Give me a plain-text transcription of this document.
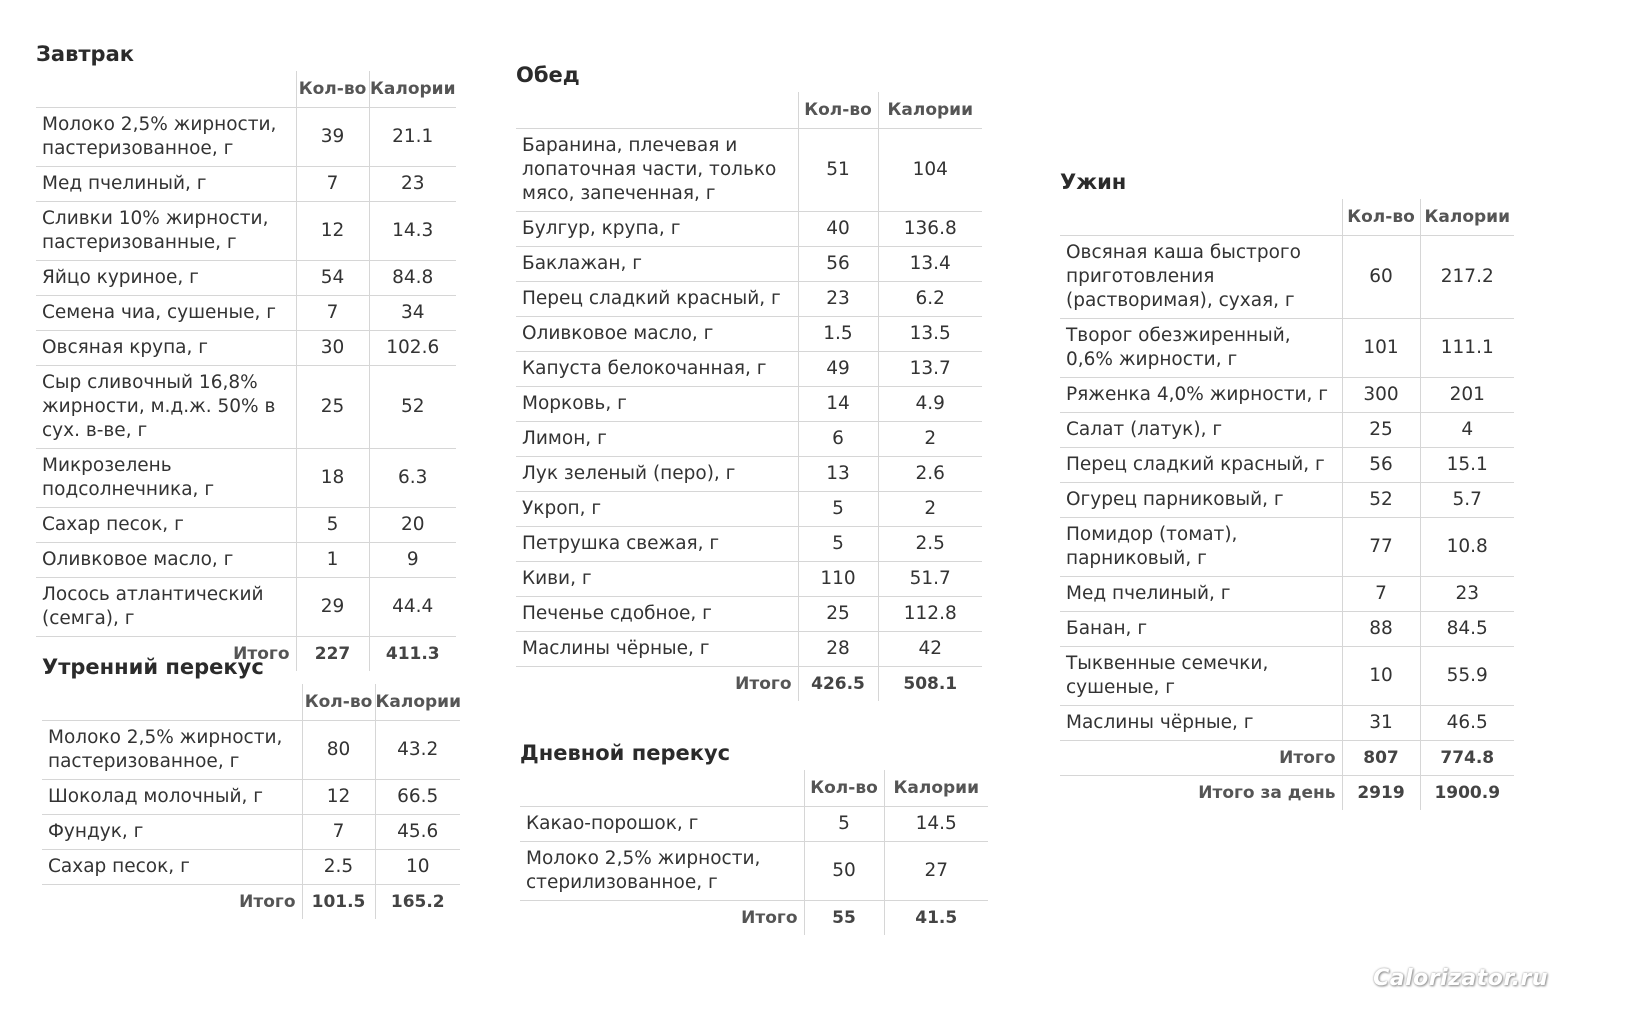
Завтрак
	Кол-во	Калории
Молоко 2,5% жирности, пастеризованное, г	39	21.1
Мед пчелиный, г	7	23
Сливки 10% жирности, пастеризованные, г	12	14.3
Яйцо куриное, г	54	84.8
Семена чиа, сушеные, г	7	34
Овсяная крупа, г	30	102.6
Сыр сливочный 16,8% жирности, м.д.ж. 50% в сух. в-ве, г	25	52
Микрозелень подсолнечника, г	18	6.3
Сахар песок, г	5	20
Оливковое масло, г	1	9
Лосось атлантический (семга), г	29	44.4
Итого	227	411.3
Утренний перекус
	Кол-во	Калории
Молоко 2,5% жирности, пастеризованное, г	80	43.2
Шоколад молочный, г	12	66.5
Фундук, г	7	45.6
Сахар песок, г	2.5	10
Итого	101.5	165.2
Обед
	Кол-во	Калории
Баранина, плечевая и лопаточная части, только мясо, запеченная, г	51	104
Булгур, крупа, г	40	136.8
Баклажан, г	56	13.4
Перец сладкий красный, г	23	6.2
Оливковое масло, г	1.5	13.5
Капуста белокочанная, г	49	13.7
Морковь, г	14	4.9
Лимон, г	6	2
Лук зеленый (перо), г	13	2.6
Укроп, г	5	2
Петрушка свежая, г	5	2.5
Киви, г	110	51.7
Печенье сдобное, г	25	112.8
Маслины чёрные, г	28	42
Итого	426.5	508.1
Дневной перекус
	Кол-во	Калории
Какао-порошок, г	5	14.5
Молоко 2,5% жирности, стерилизованное, г	50	27
Итого	55	41.5
Ужин
	Кол-во	Калории
Овсяная каша быстрого приготовления (растворимая), сухая, г	60	217.2
Творог обезжиренный, 0,6% жирности, г	101	111.1
Ряженка 4,0% жирности, г	300	201
Салат (латук), г	25	4
Перец сладкий красный, г	56	15.1
Огурец парниковый, г	52	5.7
Помидор (томат), парниковый, г	77	10.8
Мед пчелиный, г	7	23
Банан, г	88	84.5
Тыквенные семечки, сушеные, г	10	55.9
Маслины чёрные, г	31	46.5
Итого	807	774.8
Итого за день	2919	1900.9
Calorizator.ru
